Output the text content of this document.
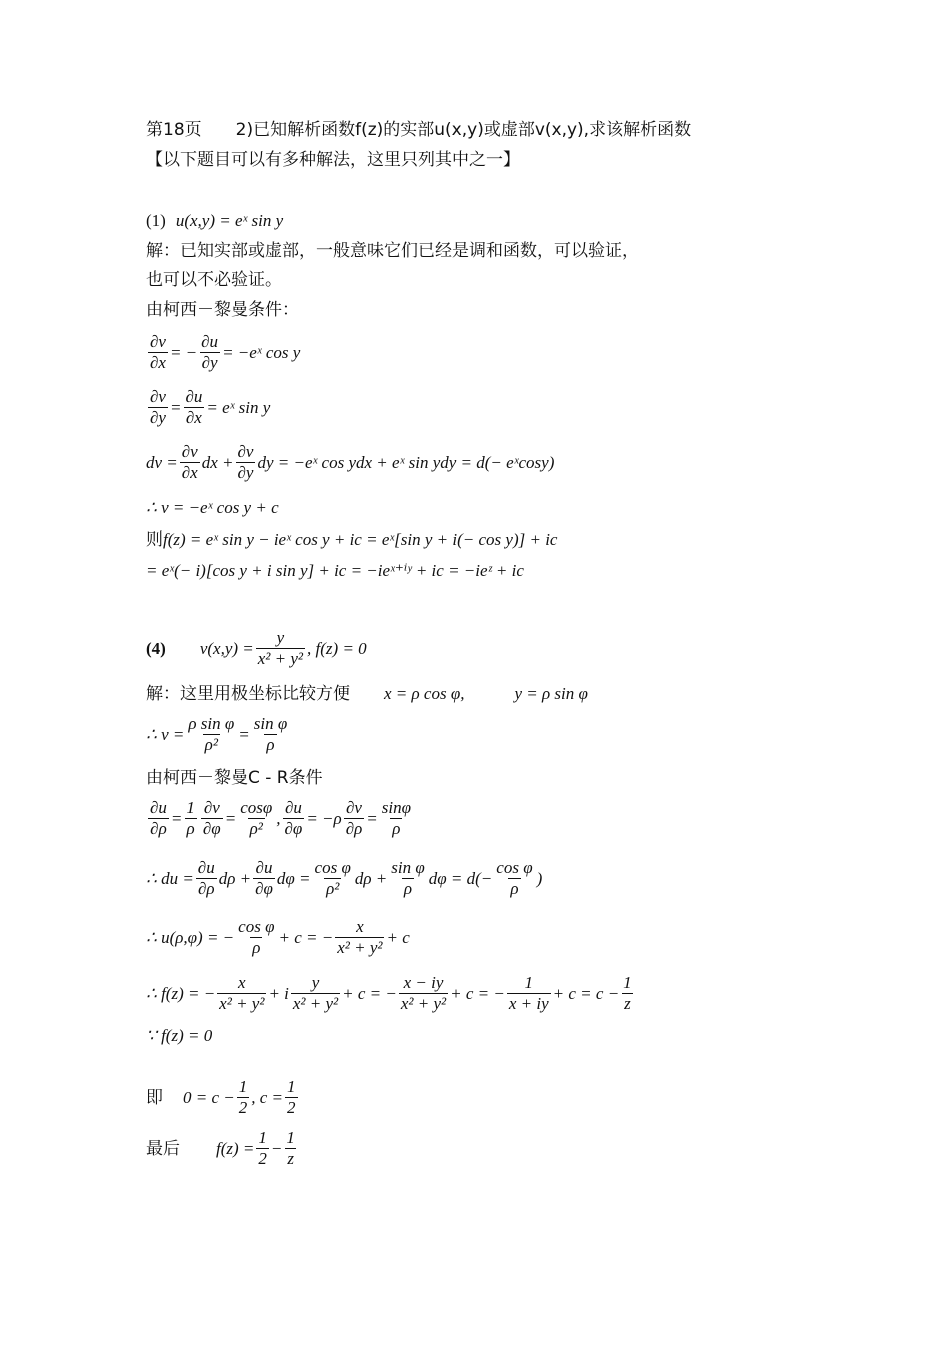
第18页 2)已知解析函数f(z)的实部u(x,y)或虚部v(x,y),求该解析函数
【以下题目可以有多种解法，这里只列其中之一】
(1) u(x,y) = eˣ sin y
解：已知实部或虚部，一般意味它们已经是调和函数，可以验证，
也可以不必验证。
由柯西－黎曼条件：
$\frac{\partial v}{\partial x}$ = − $\frac{\partial u}{\partial y}$ = −eˣ cos y
$\frac{\partial v}{\partial y} = \frac{\partial u}{\partial x}$ = eˣ sin y
dv = $\frac{\partial v}{\partial x}$ dx + $\frac{\partial v}{\partial y}$ dy = −eˣ cos ydx + eˣ sin ydy = d(− eˣcosy)
∴ v = −eˣ cos y + c
则 f(z) = eˣ sin y − ieˣ cos y + ic = eˣ[sin y + i(− cos y)] + ic
= eˣ(− i)[cos y + i sin y] + ic = −ieˣ⁺ⁱʸ + ic = −ieᶻ + ic
(4) $v(x,y) = \frac{y}{\text{x² + y²}}$ , f(z) = 0
解：这里用极坐标比较方便 x = ρ cos φ,	y = ρ sin φ
∴ $v = \frac{\text{ρ sin φ}}{\text{ρ²}} = \frac{\text{sin φ}}{\rho}$
由柯西－黎曼C - R条件
$\frac{\partial u}{\partial\rho} = \frac{1}{\rho} \frac{\partial v}{\partial\varphi} = \frac{\cos\varphi}{\text{ρ²}}$ , $\frac{\partial u}{\partial\varphi} = -\rho \frac{\partial v}{\partial\rho} = \frac{\sin\varphi}{\rho}$
∴ du = $\frac{\partial u}{\partial\rho}$ $d\rho + \frac{\partial u}{\partial\varphi}$ $d\varphi = \frac{\text{cos φ}}{\text{ρ²}}$ $d\rho + \frac{\text{sin φ}}{\rho}$ $d\varphi = d(- \frac{\text{cos φ}}{\rho}$ )
∴ u(ρ,φ) = − $\frac{\text{cos φ}}{\rho} + c$ = − $\frac{x}{\text{x² + y²}} + c$
∴ f(z) = − $\frac{x}{\text{x² + y²}} + i \frac{y}{\text{x² + y²}} + c$ = − $\frac{x - iy}{\text{x² + y²}} + c$ = − $\frac{1}{x + iy} + c = c - \frac{1}{z}$
∵ f(z) = 0
即 $0 = c - \frac{1}{2}$ , $c = \frac{1}{2}$
最后 $f(z) = \frac{1}{2} - \frac{1}{z}$
